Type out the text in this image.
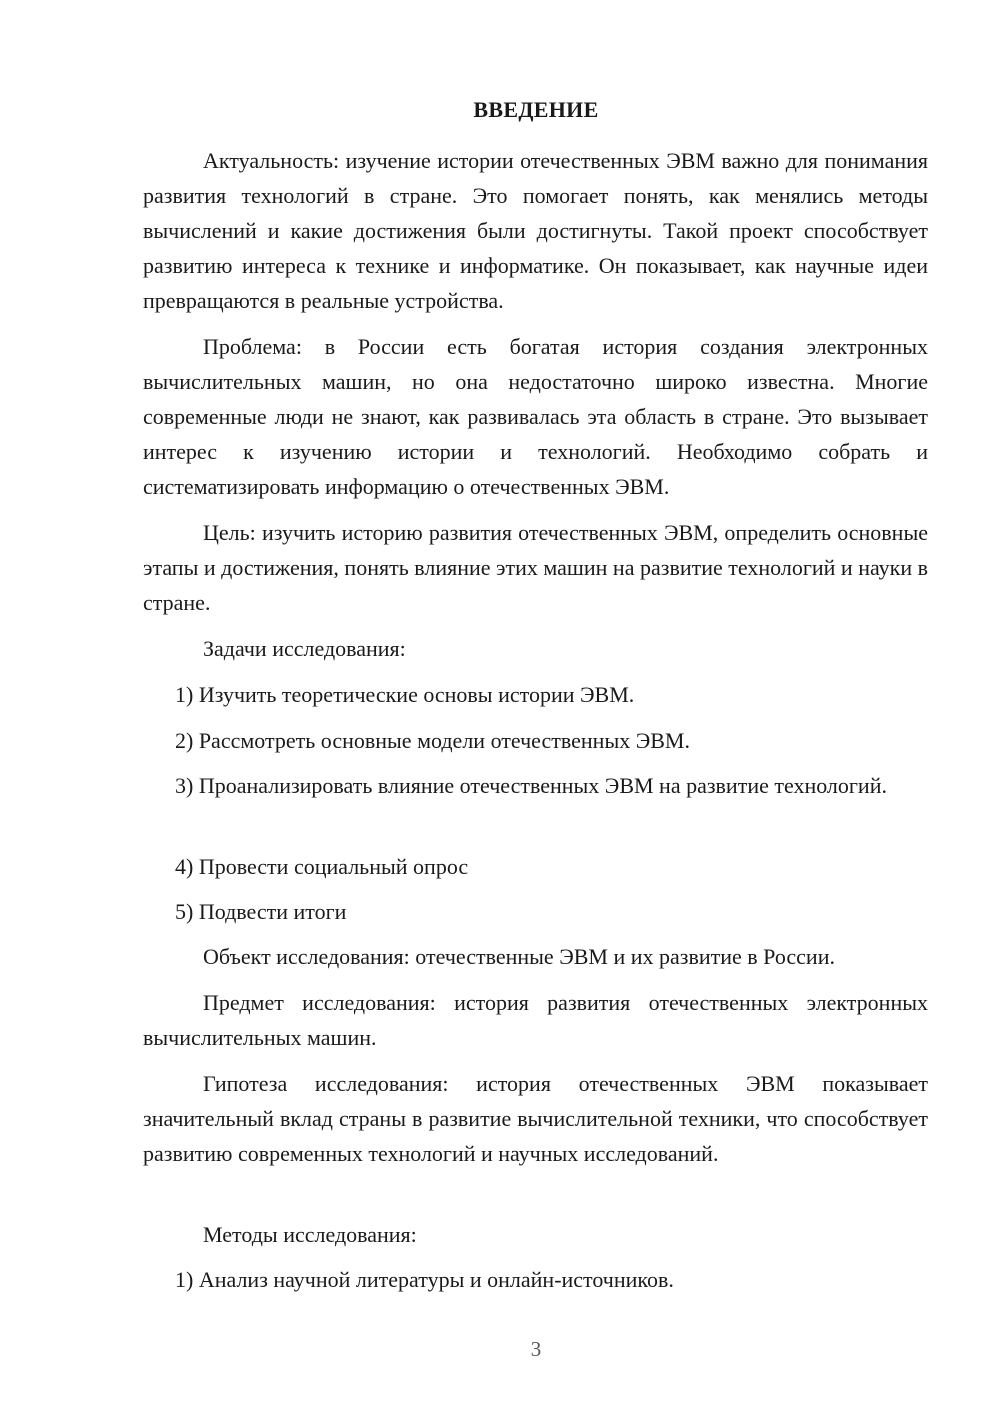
ВВЕДЕНИЕ
Актуальность: изучение истории отечественных ЭВМ важно для понимания развития технологий в стране. Это помогает понять, как менялись методы вычислений и какие достижения были достигнуты. Такой проект способствует развитию интереса к технике и информатике. Он показывает, как научные идеи превращаются в реальные устройства.
Проблема: в России есть богатая история создания электронных вычислительных машин, но она недостаточно широко известна. Многие современные люди не знают, как развивалась эта область в стране. Это вызывает интерес к изучению истории и технологий. Необходимо собрать и систематизировать информацию о отечественных ЭВМ.
Цель: изучить историю развития отечественных ЭВМ, определить основные этапы и достижения, понять влияние этих машин на развитие технологий и науки в стране.
Задачи исследования:
1) Изучить теоретические основы истории ЭВМ.
2) Рассмотреть основные модели отечественных ЭВМ.
3) Проанализировать влияние отечественных ЭВМ на развитие технологий.
4) Провести социальный опрос
5) Подвести итоги
Объект исследования: отечественные ЭВМ и их развитие в России.
Предмет исследования: история развития отечественных электронных вычислительных машин.
Гипотеза исследования: история отечественных ЭВМ показывает значительный вклад страны в развитие вычислительной техники, что способствует развитию современных технологий и научных исследований.
Методы исследования:
1) Анализ научной литературы и онлайн-источников.
3
